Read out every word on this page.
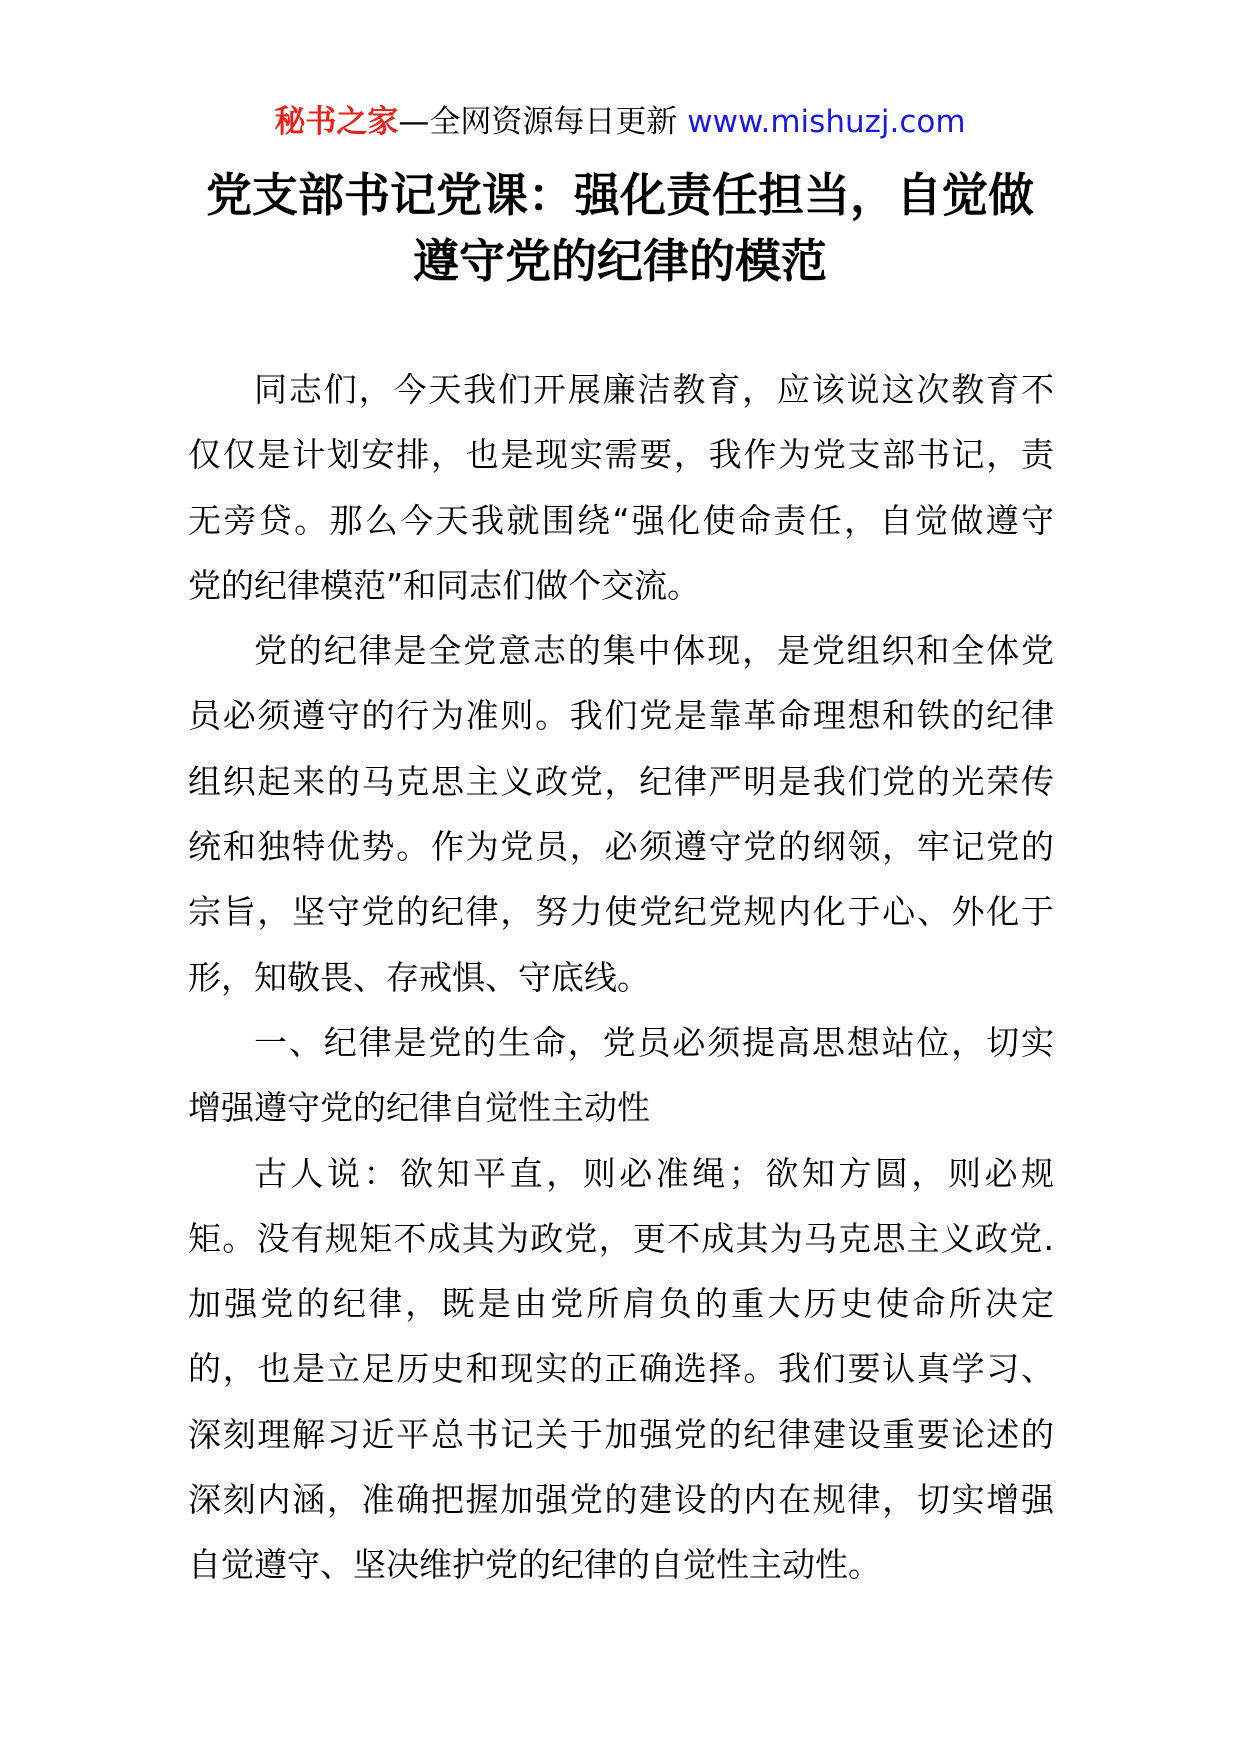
秘书之家—全网资源每日更新 www.mishuzj.com
党支部书记党课：强化责任担当，自觉做
遵守党的纪律的模范
同志们，今天我们开展廉洁教育，应该说这次教育不
仅仅是计划安排，也是现实需要，我作为党支部书记，责
无旁贷。那么今天我就围绕“强化使命责任，自觉做遵守
党的纪律模范”和同志们做个交流。
党的纪律是全党意志的集中体现，是党组织和全体党
员必须遵守的行为准则。我们党是靠革命理想和铁的纪律
组织起来的马克思主义政党，纪律严明是我们党的光荣传
统和独特优势。作为党员，必须遵守党的纲领，牢记党的
宗旨，坚守党的纪律，努力使党纪党规内化于心、外化于
形，知敬畏、存戒惧、守底线。
一、纪律是党的生命，党员必须提高思想站位，切实
增强遵守党的纪律自觉性主动性
古人说：欲知平直，则必准绳；欲知方圆，则必规
矩。没有规矩不成其为政党，更不成其为马克思主义政党.
加强党的纪律，既是由党所肩负的重大历史使命所决定
的，也是立足历史和现实的正确选择。我们要认真学习、
深刻理解习近平总书记关于加强党的纪律建设重要论述的
深刻内涵，准确把握加强党的建设的内在规律，切实增强
自觉遵守、坚决维护党的纪律的自觉性主动性。
